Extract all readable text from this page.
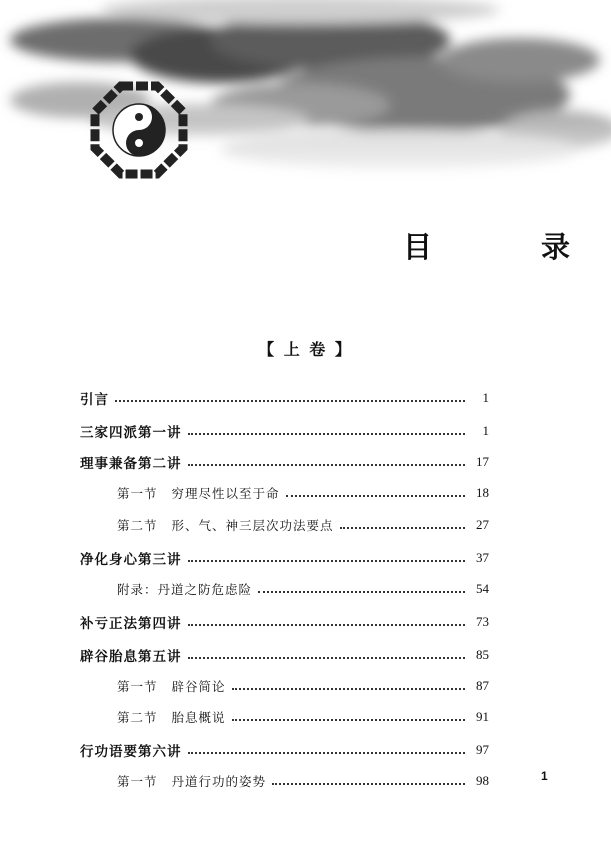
目　录
【 上 卷 】
引言	1
三家四派第一讲	1
理事兼备第二讲	17
第一节 穷理尽性以至于命	18
第二节 形、气、神三层次功法要点	27
净化身心第三讲	37
附录：丹道之防危虑险	54
补亏正法第四讲	73
辟谷胎息第五讲	85
第一节 辟谷简论	87
第二节 胎息概说	91
行功语要第六讲	97
第一节 丹道行功的姿势	98	1
